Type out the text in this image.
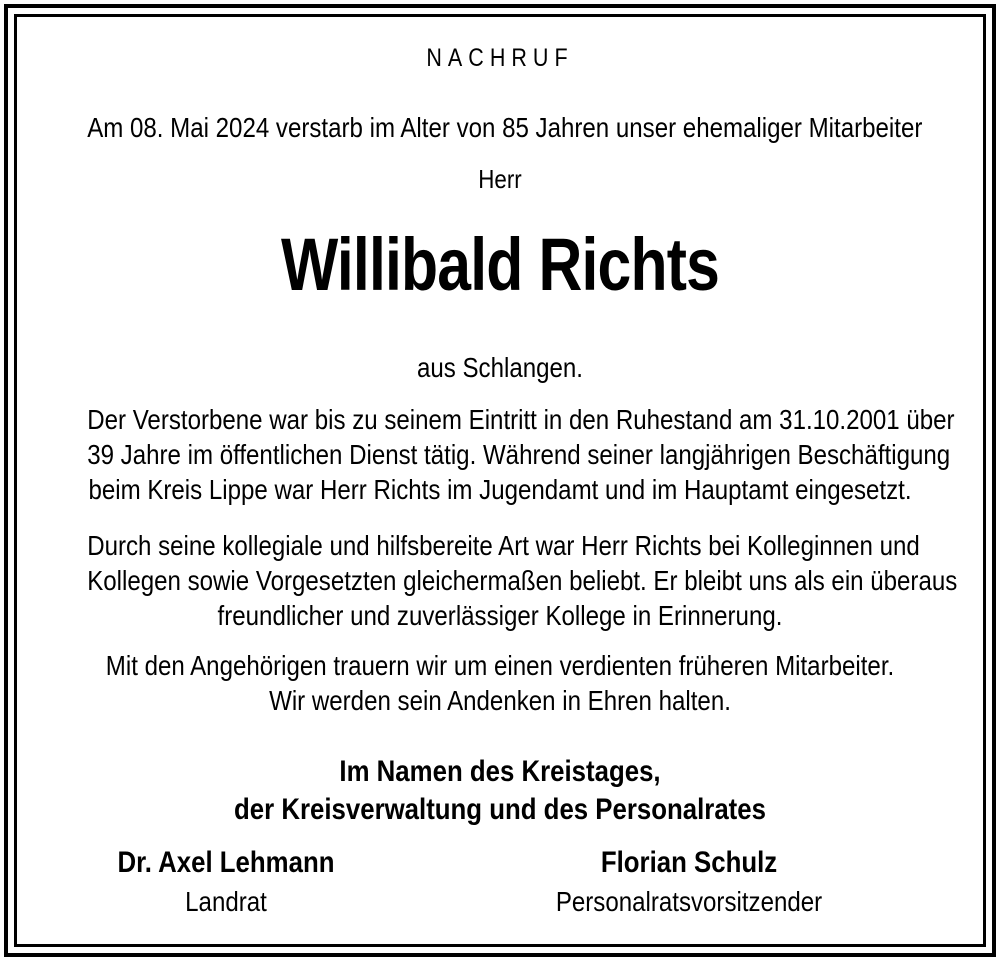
NACHRUF
Am 08. Mai 2024 verstarb im Alter von 85 Jahren unser ehemaliger Mitarbeiter
Herr
Willibald Richts
aus Schlangen.
Der Verstorbene war bis zu seinem Eintritt in den Ruhestand am 31.10.2001 über
39 Jahre im öffentlichen Dienst tätig. Während seiner langjährigen Beschäftigung
beim Kreis Lippe war Herr Richts im Jugendamt und im Hauptamt eingesetzt.
Durch seine kollegiale und hilfsbereite Art war Herr Richts bei Kolleginnen und
Kollegen sowie Vorgesetzten gleichermaßen beliebt. Er bleibt uns als ein überaus
freundlicher und zuverlässiger Kollege in Erinnerung.
Mit den Angehörigen trauern wir um einen verdienten früheren Mitarbeiter.
Wir werden sein Andenken in Ehren halten.
Im Namen des Kreistages,
der Kreisverwaltung und des Personalrates
Dr. Axel Lehmann
Landrat
Florian Schulz
Personalratsvorsitzender
